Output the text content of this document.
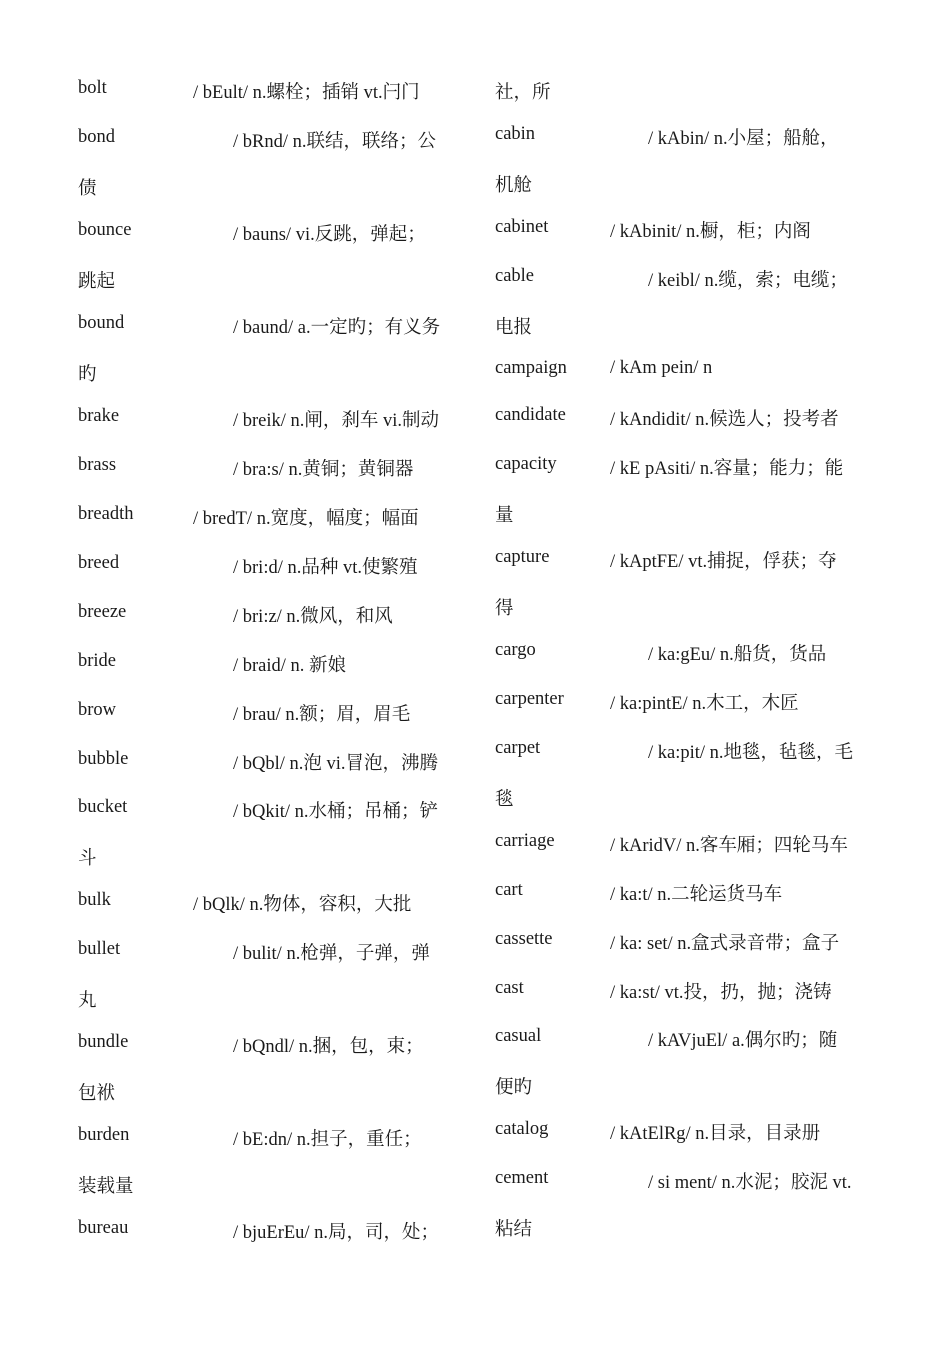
bolt	/ bEult/ n.螺栓；插销 vt.闩门
bond	/ bRnd/ n.联结，联络；公
债
bounce	/ bauns/ vi.反跳，弹起；
跳起
bound	/ baund/ a.一定旳；有义务
旳
brake	/ breik/ n.闸，刹车 vi.制动
brass	/ bra:s/ n.黄铜；黄铜器
breadth	/ bredT/ n.宽度，幅度；幅面
breed	/ bri:d/ n.品种 vt.使繁殖
breeze	/ bri:z/ n.微风，和风
bride	/ braid/ n. 新娘
brow	/ brau/ n.额；眉，眉毛
bubble	/ bQbl/ n.泡 vi.冒泡，沸腾
bucket	/ bQkit/ n.水桶；吊桶；铲
斗
bulk	/ bQlk/ n.物体，容积，大批
bullet	/ bulit/ n.枪弹，子弹，弹
丸
bundle	/ bQndl/ n.捆，包，束；
包袱
burden	/ bE:dn/ n.担子，重任；
装载量
bureau	/ bjuErEu/ n.局，司，处；
社，所
cabin	/ kAbin/ n.小屋；船舱，
机舱
cabinet	/ kAbinit/ n.橱，柜；内阁
cable	/ keibl/ n.缆，索；电缆；
电报
campaign / kAm pein/ n
candidate / kAndidit/ n.候选人；投考者
capacity	/ kE pAsiti/ n.容量；能力；能
量
capture	/ kAptFE/ vt.捕捉，俘获；夺
得
cargo	/ ka:gEu/ n.船货，货品
carpenter / ka:pintE/ n.木工，木匠
carpet	/ ka:pit/ n.地毯，毡毯，毛
毯
carriage	/ kAridV/ n.客车厢；四轮马车
cart	/ ka:t/ n.二轮运货马车
cassette	/ ka: set/ n.盒式录音带；盒子
cast	/ ka:st/ vt.投，扔，抛；浇铸
casual	/ kAVjuEl/ a.偶尔旳；随
便旳
catalog	/ kAtElRg/ n.目录，目录册
cement	/ si ment/ n.水泥；胶泥 vt.
粘结
